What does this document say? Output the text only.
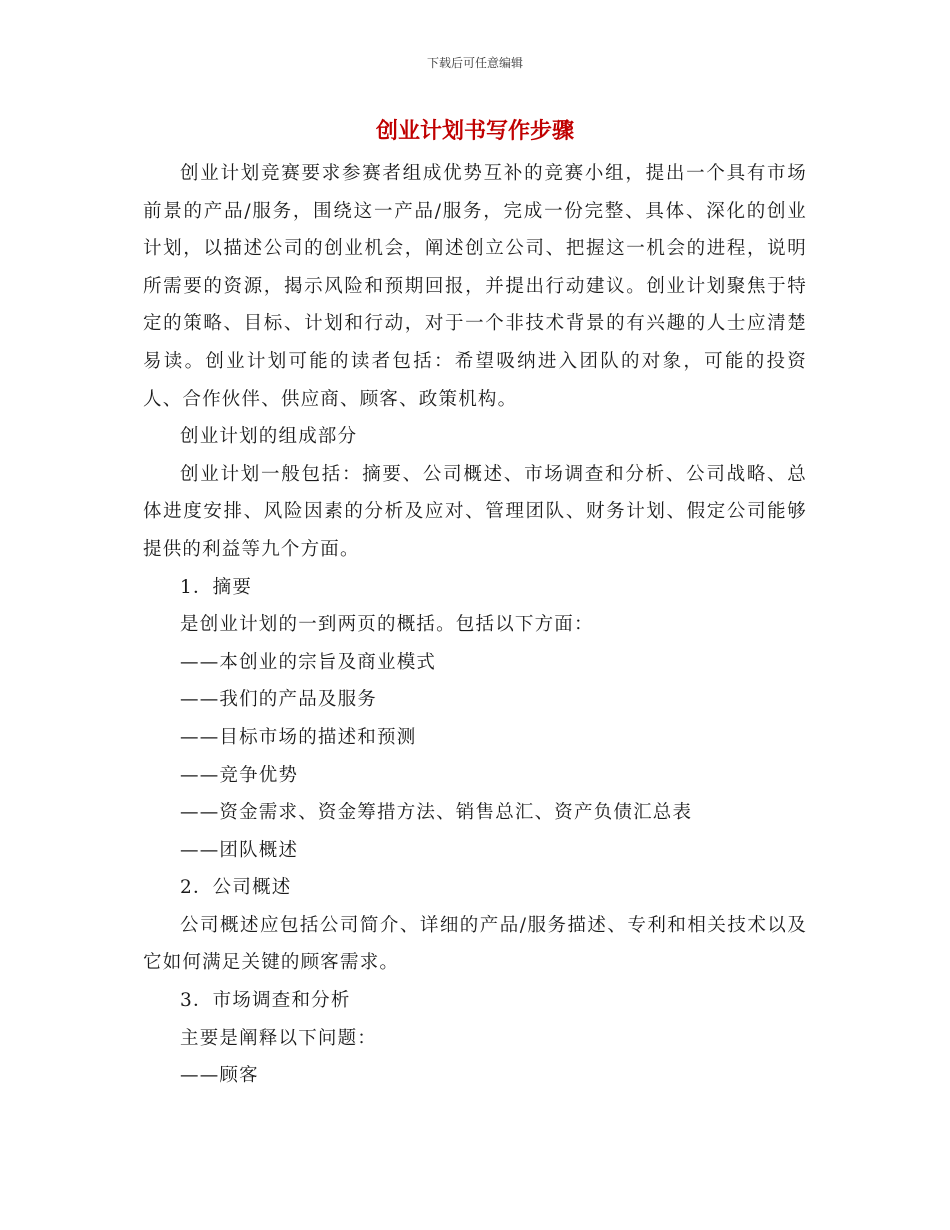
下载后可任意编辑
创业计划书写作步骤

创业计划竞赛要求参赛者组成优势互补的竞赛小组，提出一个具有市场前景的产品/服务，围绕这一产品/服务，完成一份完整、具体、深化的创业计划，以描述公司的创业机会，阐述创立公司、把握这一机会的进程，说明所需要的资源，揭示风险和预期回报，并提出行动建议。创业计划聚焦于特定的策略、目标、计划和行动，对于一个非技术背景的有兴趣的人士应清楚易读。创业计划可能的读者包括：希望吸纳进入团队的对象，可能的投资人、合作伙伴、供应商、顾客、政策机构。

创业计划的组成部分

创业计划一般包括：摘要、公司概述、市场调查和分析、公司战略、总体进度安排、风险因素的分析及应对、管理团队、财务计划、假定公司能够提供的利益等九个方面。

1．摘要

是创业计划的一到两页的概括。包括以下方面：

——本创业的宗旨及商业模式

——我们的产品及服务

——目标市场的描述和预测

——竞争优势

——资金需求、资金筹措方法、销售总汇、资产负债汇总表

——团队概述

2．公司概述

公司概述应包括公司简介、详细的产品/服务描述、专利和相关技术以及它如何满足关键的顾客需求。

3．市场调查和分析

主要是阐释以下问题：

——顾客
